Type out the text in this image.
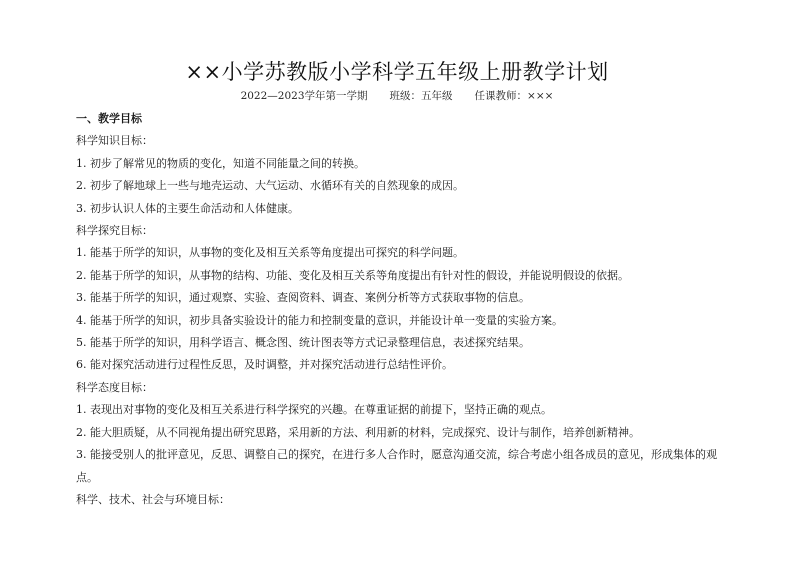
××小学苏教版小学科学五年级上册教学计划
2022—2023学年第一学期 班级：五年级 任课教师：×××
一、教学目标
科学知识目标：
1. 初步了解常见的物质的变化，知道不同能量之间的转换。
2. 初步了解地球上一些与地壳运动、大气运动、水循环有关的自然现象的成因。
3. 初步认识人体的主要生命活动和人体健康。
科学探究目标：
1. 能基于所学的知识，从事物的变化及相互关系等角度提出可探究的科学问题。
2. 能基于所学的知识，从事物的结构、功能、变化及相互关系等角度提出有针对性的假设，并能说明假设的依据。
3. 能基于所学的知识，通过观察、实验、查阅资料、调查、案例分析等方式获取事物的信息。
4. 能基于所学的知识，初步具备实验设计的能力和控制变量的意识，并能设计单一变量的实验方案。
5. 能基于所学的知识，用科学语言、概念图、统计图表等方式记录整理信息，表述探究结果。
6. 能对探究活动进行过程性反思，及时调整，并对探究活动进行总结性评价。
科学态度目标：
1. 表现出对事物的变化及相互关系进行科学探究的兴趣。在尊重证据的前提下，坚持正确的观点。
2. 能大胆质疑，从不同视角提出研究思路，采用新的方法、利用新的材料，完成探究、设计与制作，培养创新精神。
3. 能接受别人的批评意见，反思、调整自己的探究，在进行多人合作时，愿意沟通交流，综合考虑小组各成员的意见，形成集体的观点。
科学、技术、社会与环境目标：
